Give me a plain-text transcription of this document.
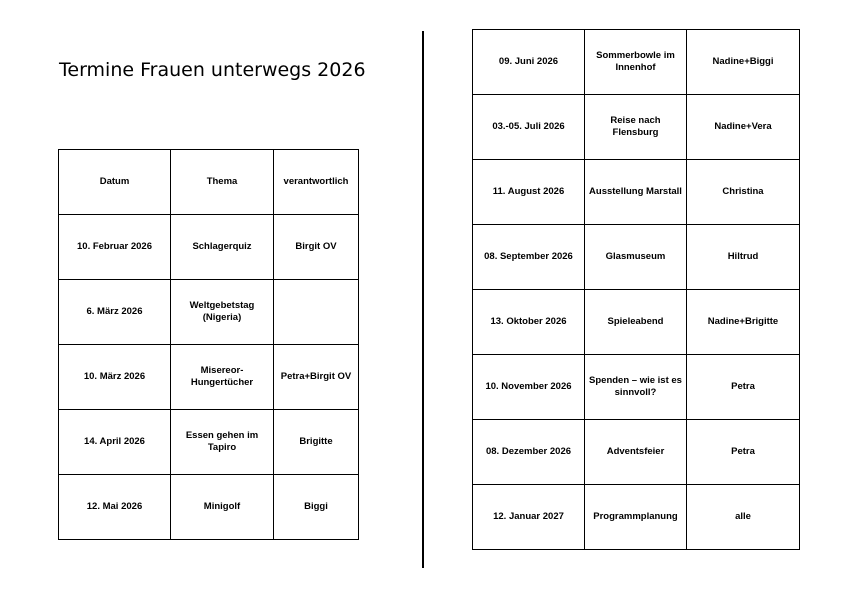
Termine Frauen unterwegs 2026
Datum	Thema	verantwortlich
10. Februar 2026	Schlagerquiz	Birgit OV
6. März 2026	Weltgebetstag (Nigeria)	
10. März 2026	Misereor-Hungertücher	Petra+Birgit OV
14. April 2026	Essen gehen im Tapiro	Brigitte
12. Mai 2026	Minigolf	Biggi
09. Juni 2026	Sommerbowle im Innenhof	Nadine+Biggi
03.-05. Juli 2026	Reise nach Flensburg	Nadine+Vera
11. August 2026	Ausstellung Marstall	Christina
08. September 2026	Glasmuseum	Hiltrud
13. Oktober 2026	Spieleabend	Nadine+Brigitte
10. November 2026	Spenden – wie ist es sinnvoll?	Petra
08. Dezember 2026	Adventsfeier	Petra
12. Januar 2027	Programmplanung	alle
